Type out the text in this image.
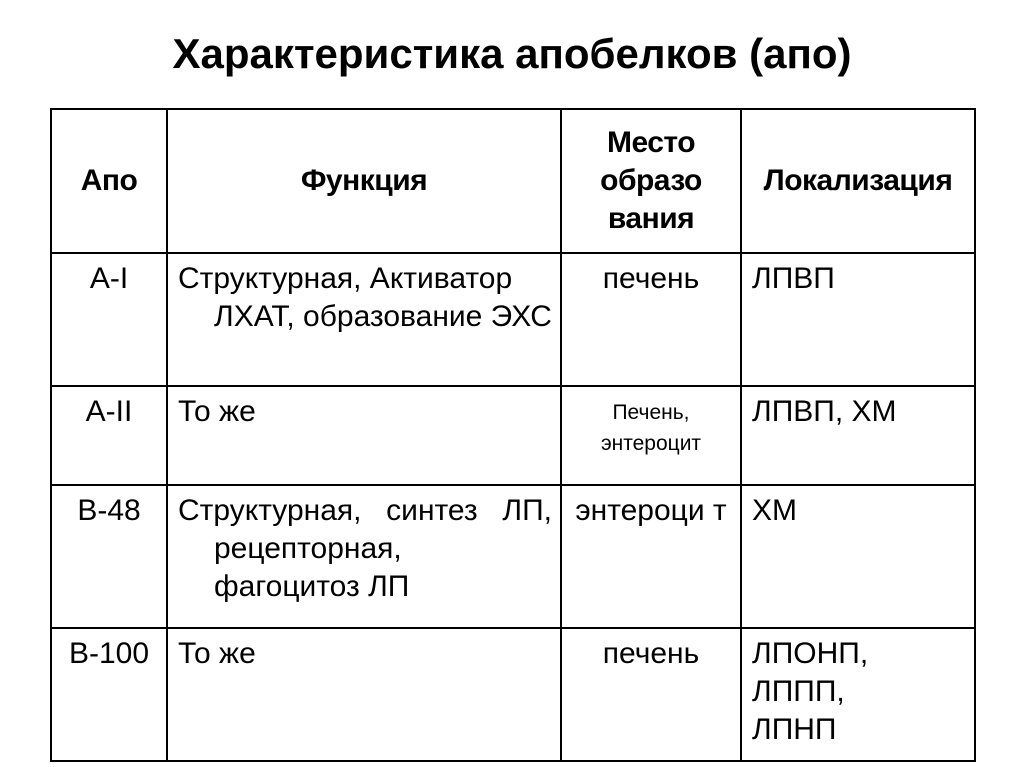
Характеристика апобелков (апо)
Апо	Функция	Место образо вания	Локализация

A-I	Структурная, Активатор ЛХАТ, образование ЭХС	печень	ЛПВП

A-II	То же	Печень, энтероцит	ЛПВП, ХМ

B-48	Структурная, синтез ЛП, рецепторная, фагоцитоз ЛП	энтероци т	ХМ

B-100	То же	печень	ЛПОНП, ЛППП, ЛПНП
